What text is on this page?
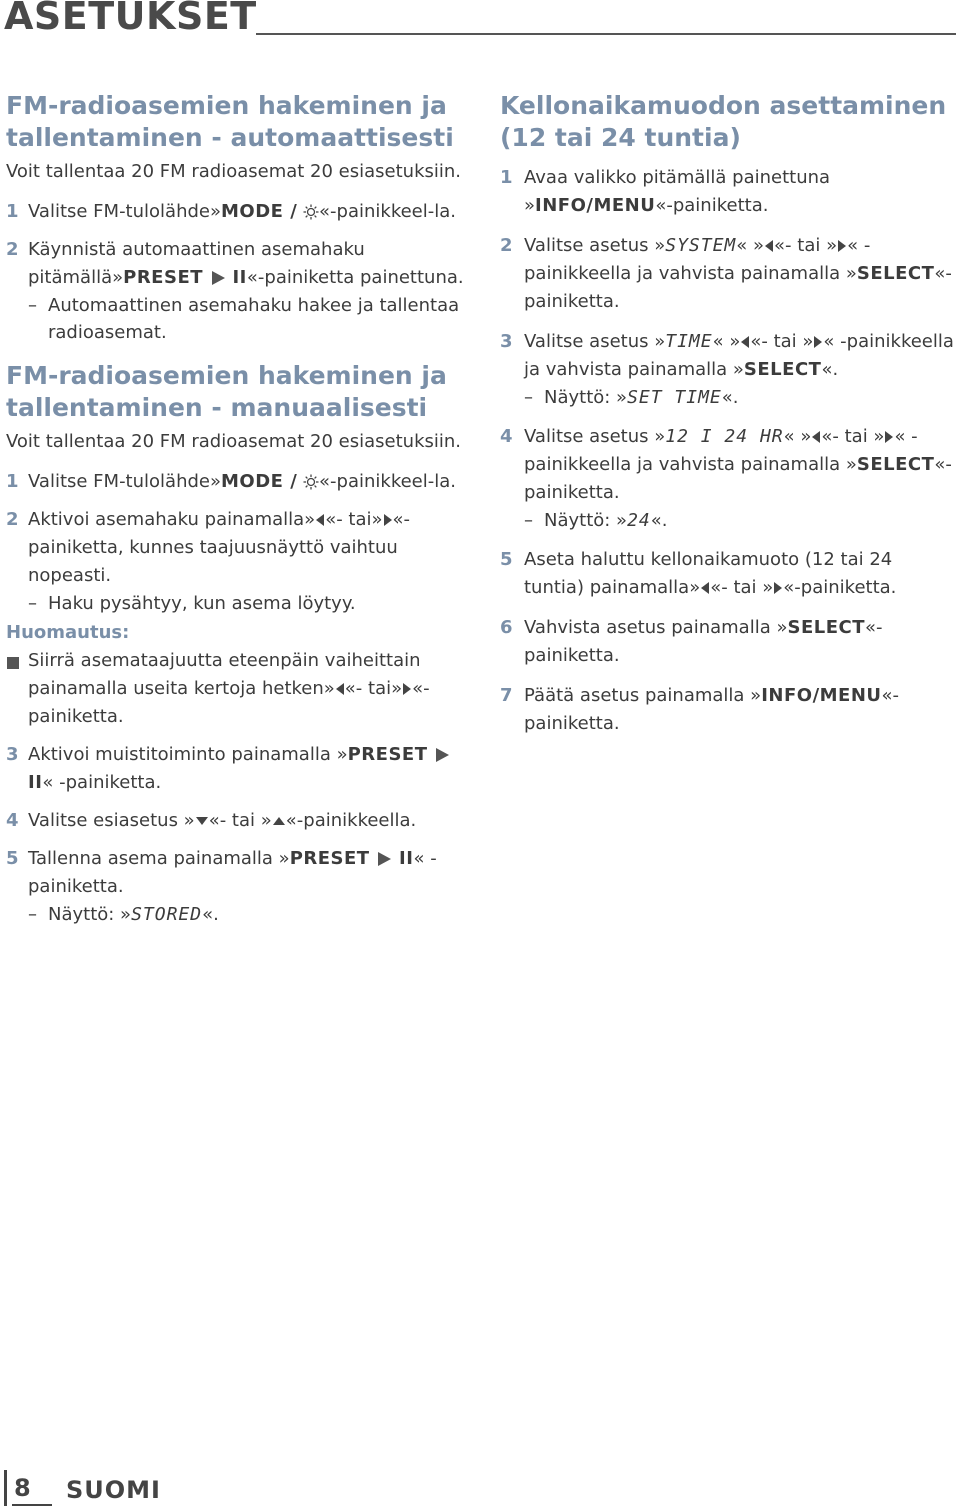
ASETUKSET
FM-radioasemien hakeminen ja tallentaminen - automaattisesti
Voit tallentaa 20 FM radioasemat 20 esiasetuksiin.
1 Valitse FM-tulolähde»MODE / «-painikkeel-la.
2 Käynnistä automaattinen asemahaku pitämällä»PRESET II«-painiketta painettuna.
– Automaattinen asemahaku hakee ja tallentaa radioasemat.
FM-radioasemien hakeminen ja tallentaminen - manuaalisesti
Voit tallentaa 20 FM radioasemat 20 esiasetuksiin.
1 Valitse FM-tulolähde»MODE / «-painikkeel-la.
2 Aktivoi asemahaku painamalla» «- tai» «-painiketta, kunnes taajuusnäyttö vaihtuu nopeasti.
– Haku pysähtyy, kun asema löytyy.
Huomautus:
Siirrä asemataajuutta eteenpäin vaiheittain painamalla useita kertoja hetken» «- tai» «-painiketta.
3 Aktivoi muistitoiminto painamalla »PRESET  II« -painiketta.
4 Valitse esiasetus » «- tai » «-painikkeella.
5 Tallenna asema painamalla »PRESET II« -painiketta.
– Näyttö: »STORED«.
Kellonaikamuodon asettaminen (12 tai 24 tuntia)
1 Avaa valikko pitämällä painettuna »INFO/MENU«-painiketta.
2 Valitse asetus »SYSTEM« » «- tai » « -painikkeella ja vahvista painamalla »SELECT«-painiketta.
3 Valitse asetus »TIME« » «- tai » « -painikkeella ja vahvista painamalla »SELECT«.
– Näyttö: »SET TIME«.
4 Valitse asetus »12 I 24 HR« » «- tai » « -painikkeella ja vahvista painamalla »SELECT«-painiketta.
– Näyttö: »24«.
5 Aseta haluttu kellonaikamuoto (12 tai 24 tuntia) painamalla» «- tai » «-painiketta.
6 Vahvista asetus painamalla »SELECT«-painiketta.
7 Päätä asetus painamalla »INFO/MENU«-painiketta.
8 SUOMI
